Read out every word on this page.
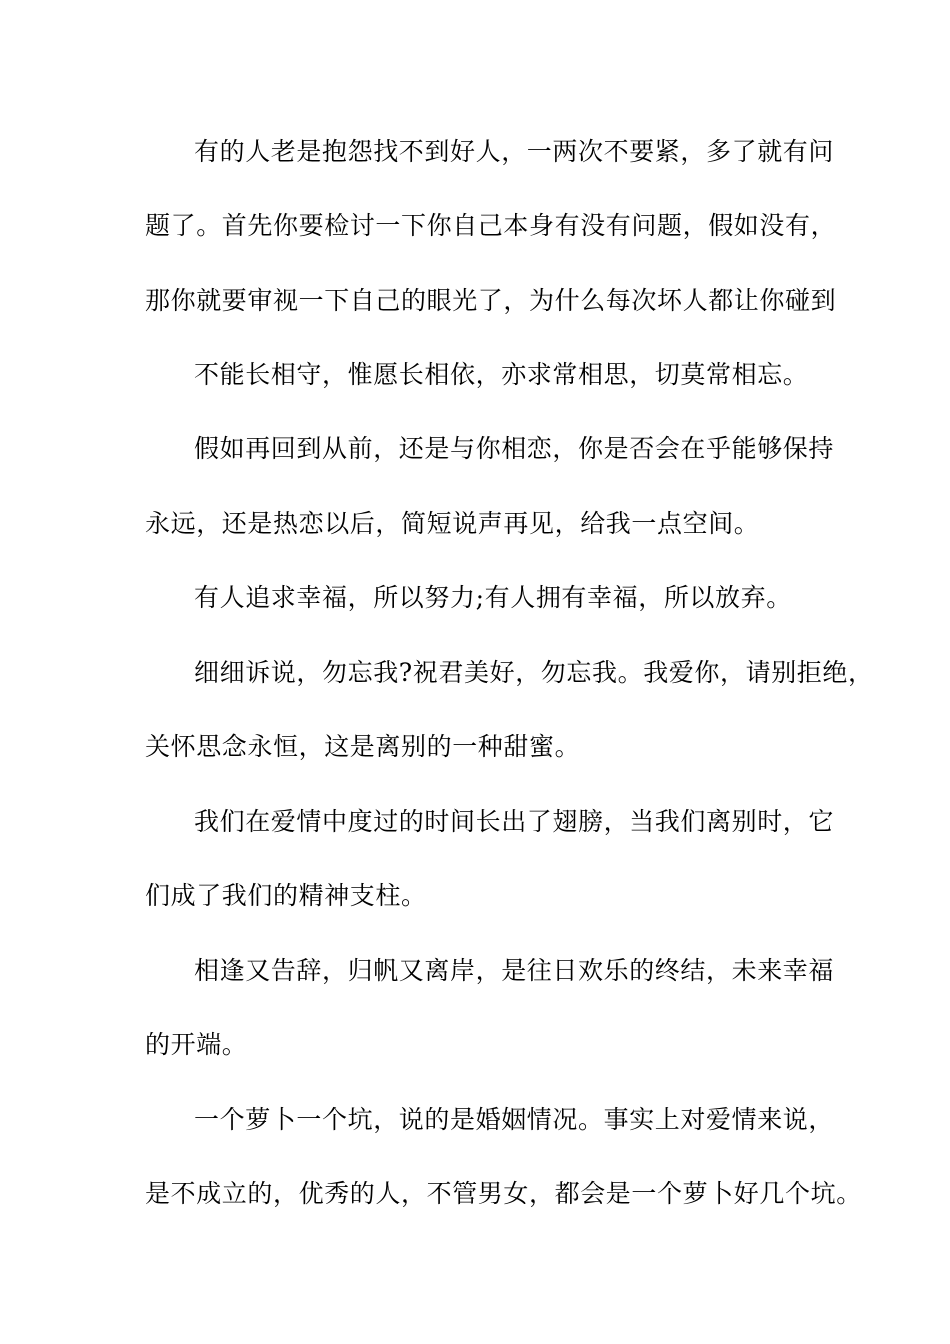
有的人老是抱怨找不到好人，一两次不要紧，多了就有问
题了。首先你要检讨一下你自己本身有没有问题，假如没有，
那你就要审视一下自己的眼光了，为什么每次坏人都让你碰到
不能长相守，惟愿长相依，亦求常相思，切莫常相忘。
假如再回到从前，还是与你相恋，你是否会在乎能够保持
永远，还是热恋以后，简短说声再见，给我一点空间。
有人追求幸福，所以努力;有人拥有幸福，所以放弃。
细细诉说，勿忘我?祝君美好，勿忘我。我爱你，请别拒绝，
关怀思念永恒，这是离别的一种甜蜜。
我们在爱情中度过的时间长出了翅膀，当我们离别时，它
们成了我们的精神支柱。
相逢又告辞，归帆又离岸，是往日欢乐的终结，未来幸福
的开端。
一个萝卜一个坑，说的是婚姻情况。事实上对爱情来说，
是不成立的，优秀的人，不管男女，都会是一个萝卜好几个坑。
